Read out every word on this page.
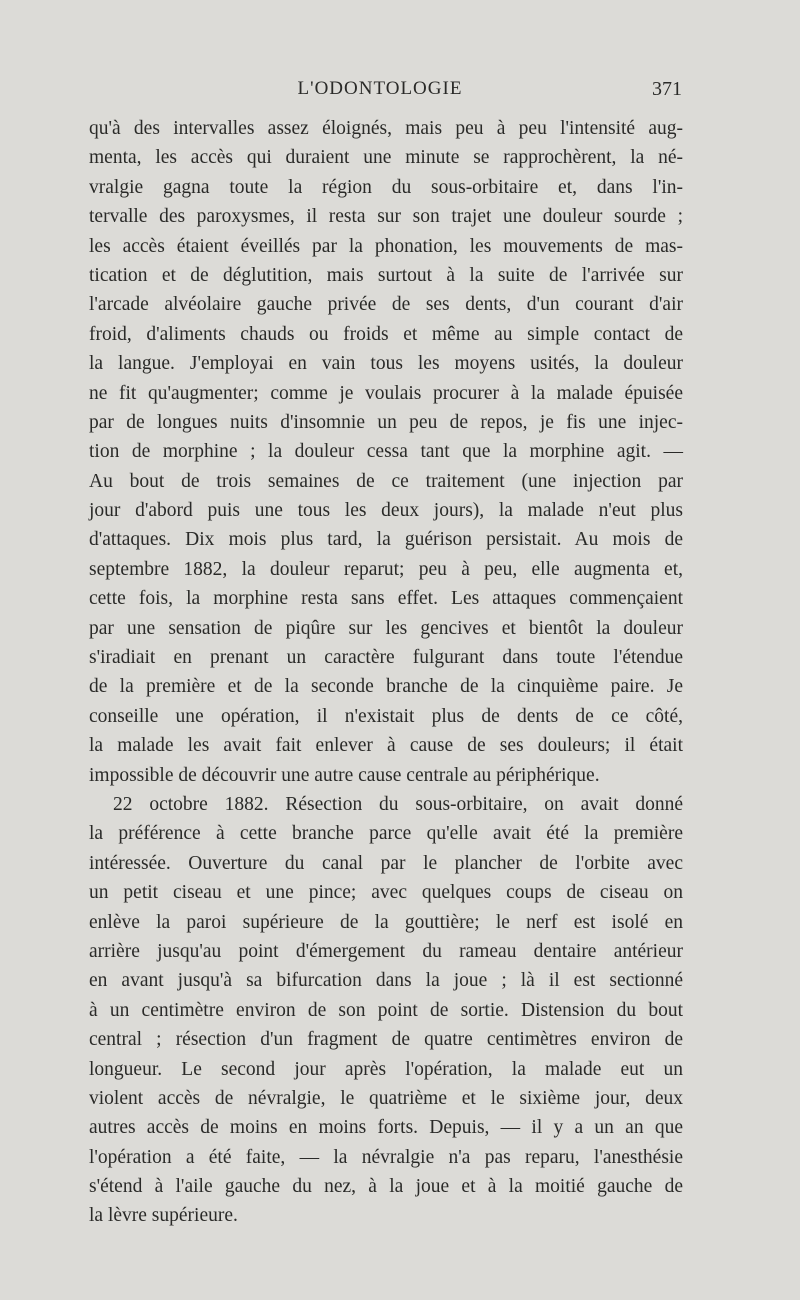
L'ODONTOLOGIE	371
qu'à des intervalles assez éloignés, mais peu à peu l'intensité aug-
menta, les accès qui duraient une minute se rapprochèrent, la né-
vralgie gagna toute la région du sous-orbitaire et, dans l'in-
tervalle des paroxysmes, il resta sur son trajet une douleur sourde ;
les accès étaient éveillés par la phonation, les mouvements de mas-
tication et de déglutition, mais surtout à la suite de l'arrivée sur
l'arcade alvéolaire gauche privée de ses dents, d'un courant d'air
froid, d'aliments chauds ou froids et même au simple contact de
la langue. J'employai en vain tous les moyens usités, la douleur
ne fit qu'augmenter; comme je voulais procurer à la malade épuisée
par de longues nuits d'insomnie un peu de repos, je fis une injec-
tion de morphine ; la douleur cessa tant que la morphine agit. —
Au bout de trois semaines de ce traitement (une injection par
jour d'abord puis une tous les deux jours), la malade n'eut plus
d'attaques. Dix mois plus tard, la guérison persistait. Au mois de
septembre 1882, la douleur reparut; peu à peu, elle augmenta et,
cette fois, la morphine resta sans effet. Les attaques commençaient
par une sensation de piqûre sur les gencives et bientôt la douleur
s'iradiait en prenant un caractère fulgurant dans toute l'étendue
de la première et de la seconde branche de la cinquième paire. Je
conseille une opération, il n'existait plus de dents de ce côté,
la malade les avait fait enlever à cause de ses douleurs; il était
impossible de découvrir une autre cause centrale au périphérique.
22 octobre 1882. Résection du sous-orbitaire, on avait donné
la préférence à cette branche parce qu'elle avait été la première
intéressée. Ouverture du canal par le plancher de l'orbite avec
un petit ciseau et une pince; avec quelques coups de ciseau on
enlève la paroi supérieure de la gouttière; le nerf est isolé en
arrière jusqu'au point d'émergement du rameau dentaire antérieur
en avant jusqu'à sa bifurcation dans la joue ; là il est sectionné
à un centimètre environ de son point de sortie. Distension du bout
central ; résection d'un fragment de quatre centimètres environ de
longueur. Le second jour après l'opération, la malade eut un
violent accès de névralgie, le quatrième et le sixième jour, deux
autres accès de moins en moins forts. Depuis, — il y a un an que
l'opération a été faite, — la névralgie n'a pas reparu, l'anesthésie
s'étend à l'aile gauche du nez, à la joue et à la moitié gauche de
la lèvre supérieure.
